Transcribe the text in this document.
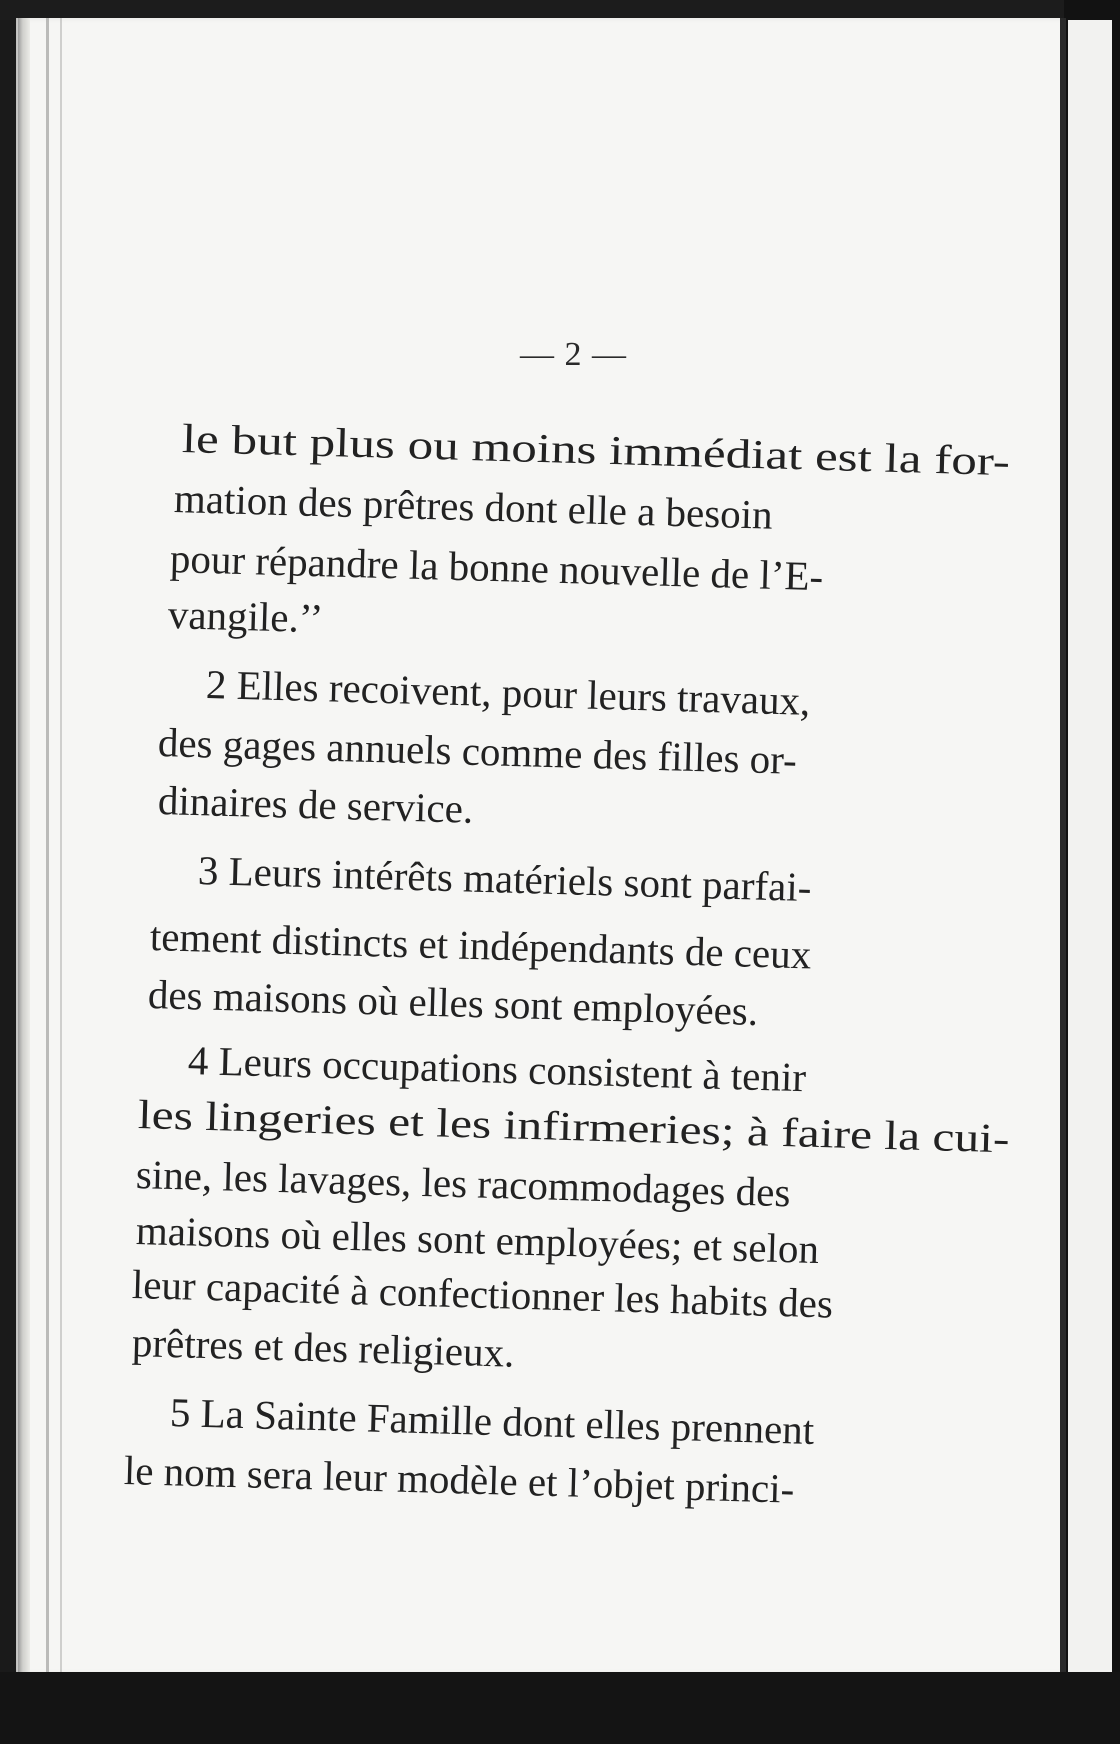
— 2 —
le but plus ou moins immédiat est la for-
mation des prêtres dont elle a besoin
pour répandre la bonne nouvelle de l’E-
vangile.’’
2 Elles recoivent, pour leurs travaux,
des gages annuels comme des filles or-
dinaires de service.
3 Leurs intérêts matériels sont parfai-
tement distincts et indépendants de ceux
des maisons où elles sont employées.
4 Leurs occupations consistent à tenir
les lingeries et les infirmeries; à faire la cui-
sine, les lavages, les racommodages des
maisons où elles sont employées; et selon
leur capacité à confectionner les habits des
prêtres et des religieux.
5 La Sainte Famille dont elles prennent
le nom sera leur modèle et l’objet princi-
